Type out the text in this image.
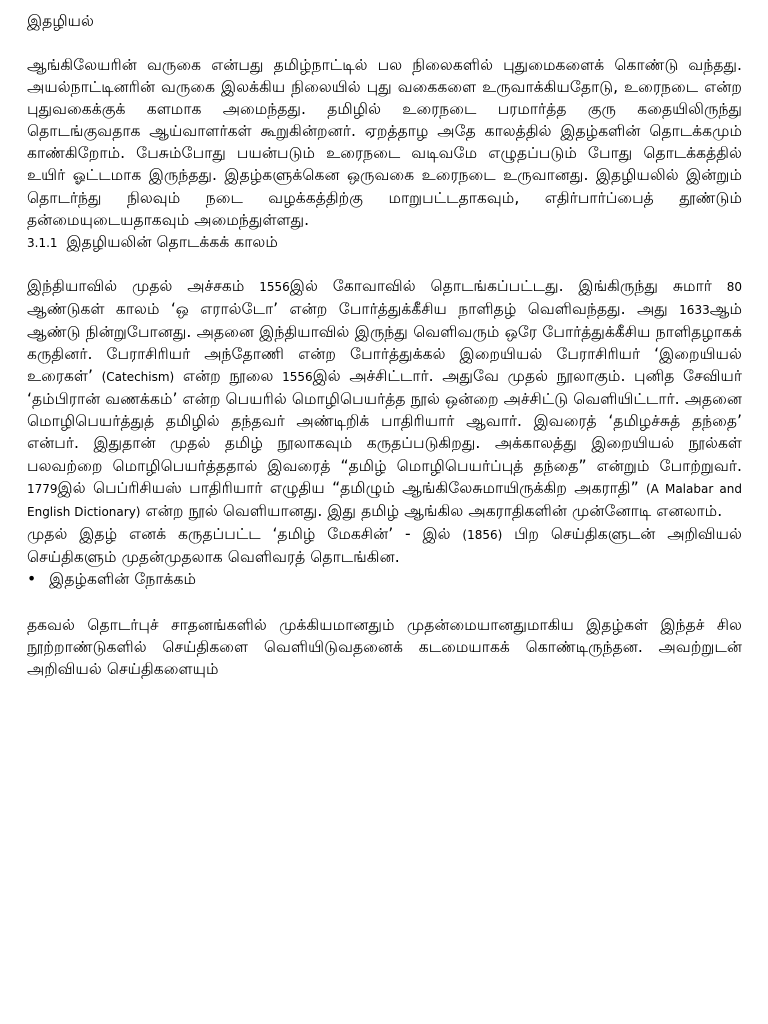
இதழியல்

ஆங்கிலேயரின் வருகை என்பது தமிழ்நாட்டில் பல நிலைகளில் புதுமைகளைக் கொண்டு வந்தது. அயல்நாட்டினரின் வருகை இலக்கிய நிலையில் புது வகைகளை உருவாக்கியதோடு, உரைநடை என்ற புதுவகைக்குக் களமாக அமைந்தது. தமிழில் உரைநடை பரமார்த்த குரு கதையிலிருந்து தொடங்குவதாக ஆய்வாளர்கள் கூறுகின்றனர். ஏறத்தாழ அதே காலத்தில் இதழ்களின் தொடக்கமும் காண்கிறோம். பேசும்போது பயன்படும் உரைநடை வடிவமே எழுதப்படும் போது தொடக்கத்தில் உயிர் ஓட்டமாக இருந்தது. இதழ்களுக்கென ஒருவகை உரைநடை உருவானது. இதழியலில் இன்றும் தொடர்ந்து நிலவும் நடை வழக்கத்திற்கு மாறுபட்டதாகவும், எதிர்பார்ப்பைத் தூண்டும் தன்மையுடையதாகவும் அமைந்துள்ளது.

3.1.1 இதழியலின் தொடக்கக் காலம்

இந்தியாவில் முதல் அச்சகம் 1556இல் கோவாவில் தொடங்கப்பட்டது. இங்கிருந்து சுமார் 80 ஆண்டுகள் காலம் ‘ஒ எரால்டோ’ என்ற போர்த்துக்கீசிய நாளிதழ் வெளிவந்தது. அது 1633ஆம் ஆண்டு நின்றுபோனது. அதனை இந்தியாவில் இருந்து வெளிவரும் ஒரே போர்த்துக்கீசிய நாளிதழாகக் கருதினர். பேராசிரியர் அந்தோணி என்ற போர்த்துக்கல் இறையியல் பேராசிரியர் ‘இறையியல் உரைகள்’ (Catechism) என்ற நூலை 1556இல் அச்சிட்டார். அதுவே முதல் நூலாகும். புனித சேவியர் ‘தம்பிரான் வணக்கம்’ என்ற பெயரில் மொழிபெயர்த்த நூல் ஒன்றை அச்சிட்டு வெளியிட்டார். அதனை மொழிபெயர்த்துத் தமிழில் தந்தவர் அண்டிறிக் பாதிரியார் ஆவார். இவரைத் ‘தமிழச்சுத் தந்தை’ என்பர். இதுதான் முதல் தமிழ் நூலாகவும் கருதப்படுகிறது. அக்காலத்து இறையியல் நூல்கள் பலவற்றை மொழிபெயர்த்ததால் இவரைத் “தமிழ் மொழிபெயர்ப்புத் தந்தை” என்றும் போற்றுவர். 1779இல் பெப்ரிசியஸ் பாதிரியார் எழுதிய “தமிழும் ஆங்கிலேசுமாயிருக்கிற அகராதி” (A Malabar and English Dictionary) என்ற நூல் வெளியானது. இது தமிழ் ஆங்கில அகராதிகளின் முன்னோடி எனலாம்.

முதல் இதழ் எனக் கருதப்பட்ட ‘தமிழ் மேகசின்’ - இல் (1856) பிற செய்திகளுடன் அறிவியல் செய்திகளும் முதன்முதலாக வெளிவரத் தொடங்கின.

• இதழ்களின் நோக்கம்

தகவல் தொடர்புச் சாதனங்களில் முக்கியமானதும் முதன்மையானதுமாகிய இதழ்கள் இந்தச் சில நூற்றாண்டுகளில் செய்திகளை வெளியிடுவதனைக் கடமையாகக் கொண்டிருந்தன. அவற்றுடன் அறிவியல் செய்திகளையும்
